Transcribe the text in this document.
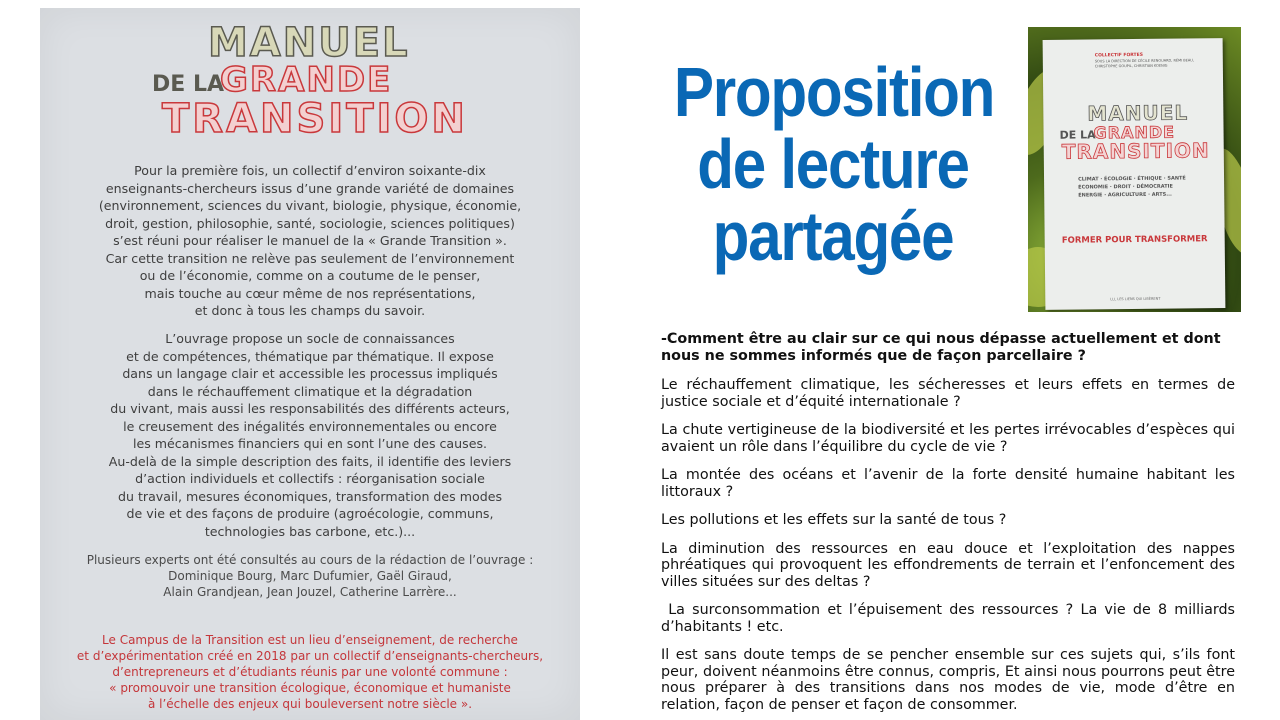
MANUEL
DE LA
GRANDE
TRANSITION

Pour la première fois, un collectif d’environ soixante-dix
enseignants-chercheurs issus d’une grande variété de domaines
(environnement, sciences du vivant, biologie, physique, économie,
droit, gestion, philosophie, santé, sociologie, sciences politiques)
s’est réuni pour réaliser le manuel de la « Grande Transition ».
Car cette transition ne relève pas seulement de l’environnement
ou de l’économie, comme on a coutume de le penser,
mais touche au cœur même de nos représentations,
et donc à tous les champs du savoir.

L’ouvrage propose un socle de connaissances
et de compétences, thématique par thématique. Il expose
dans un langage clair et accessible les processus impliqués
dans le réchauffement climatique et la dégradation
du vivant, mais aussi les responsabilités des différents acteurs,
le creusement des inégalités environnementales ou encore
les mécanismes financiers qui en sont l’une des causes.
Au-delà de la simple description des faits, il identifie des leviers
d’action individuels et collectifs : réorganisation sociale
du travail, mesures économiques, transformation des modes
de vie et des façons de produire (agroécologie, communs,
technologies bas carbone, etc.)...

Plusieurs experts ont été consultés au cours de la rédaction de l’ouvrage :
Dominique Bourg, Marc Dufumier, Gaël Giraud,
Alain Grandjean, Jean Jouzel, Catherine Larrère...

Le Campus de la Transition est un lieu d’enseignement, de recherche
et d’expérimentation créé en 2018 par un collectif d’enseignants-chercheurs,
d’entrepreneurs et d’étudiants réunis par une volonté commune :
« promouvoir une transition écologique, économique et humaniste
à l’échelle des enjeux qui bouleversent notre siècle ».

Proposition de lecture partagée
COLLECTIF FORTES
SOUS LA DIRECTION DE CÉCILE RENOUARD, RÉMI BEAU, CHRISTOPHE GOUPIL, CHRISTIAN KOENIG
MANUEL
DE LA
GRANDE
TRANSITION
CLIMAT · ÉCOLOGIE · ÉTHIQUE · SANTÉ
ÉCONOMIE · DROIT · DÉMOCRATIE
ÉNERGIE · AGRICULTURE · ARTS...
FORMER POUR TRANSFORMER
LLL LES LIENS QUI LIBÈRENT

-Comment être au clair sur ce qui nous dépasse actuellement et dont nous ne sommes informés que de façon parcellaire ?

Le réchauffement climatique, les sécheresses et leurs effets en termes de justice sociale et d’équité internationale ?

La chute vertigineuse de la biodiversité et les pertes irrévocables d’espèces qui avaient un rôle dans l’équilibre du cycle de vie ?

La montée des océans et l’avenir de la forte densité humaine habitant les littoraux ?

Les pollutions et les effets sur la santé de tous ?

La diminution des ressources en eau douce et l’exploitation des nappes phréatiques qui provoquent les effondrements de terrain et l’enfoncement des villes situées sur des deltas ?

La surconsommation et l’épuisement des ressources ? La vie de 8 milliards d’habitants ! etc.

Il est sans doute temps de se pencher ensemble sur ces sujets qui, s’ils font peur, doivent néanmoins être connus, compris, Et ainsi nous pourrons peut être nous préparer à des transitions dans nos modes de vie, mode d’être en relation, façon de penser et façon de consommer.
